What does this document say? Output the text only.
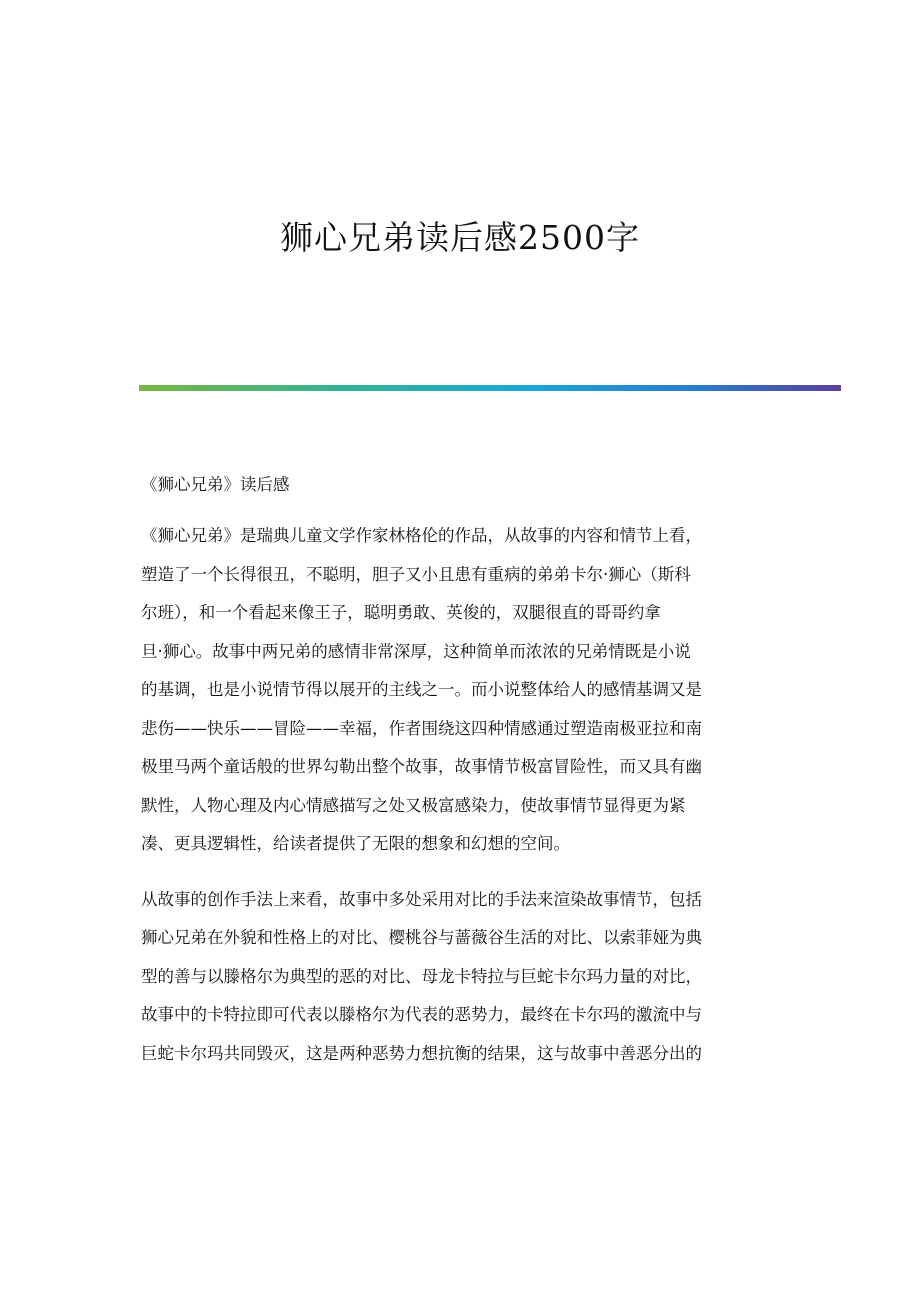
狮心兄弟读后感2500字

《狮心兄弟》读后感

《狮心兄弟》是瑞典儿童文学作家林格伦的作品，从故事的内容和情节上看，
塑造了一个长得很丑，不聪明，胆子又小且患有重病的弟弟卡尔·狮心（斯科
尔班），和一个看起来像王子，聪明勇敢、英俊的，双腿很直的哥哥约拿
旦·狮心。故事中两兄弟的感情非常深厚，这种简单而浓浓的兄弟情既是小说
的基调，也是小说情节得以展开的主线之一。而小说整体给人的感情基调又是
悲伤——快乐——冒险——幸福，作者围绕这四种情感通过塑造南极亚拉和南
极里马两个童话般的世界勾勒出整个故事，故事情节极富冒险性，而又具有幽
默性，人物心理及内心情感描写之处又极富感染力，使故事情节显得更为紧
凑、更具逻辑性，给读者提供了无限的想象和幻想的空间。
从故事的创作手法上来看，故事中多处采用对比的手法来渲染故事情节，包括
狮心兄弟在外貌和性格上的对比、樱桃谷与蔷薇谷生活的对比、以索菲娅为典
型的善与以滕格尔为典型的恶的对比、母龙卡特拉与巨蛇卡尔玛力量的对比，
故事中的卡特拉即可代表以滕格尔为代表的恶势力，最终在卡尔玛的激流中与
巨蛇卡尔玛共同毁灭，这是两种恶势力想抗衡的结果，这与故事中善恶分出的
